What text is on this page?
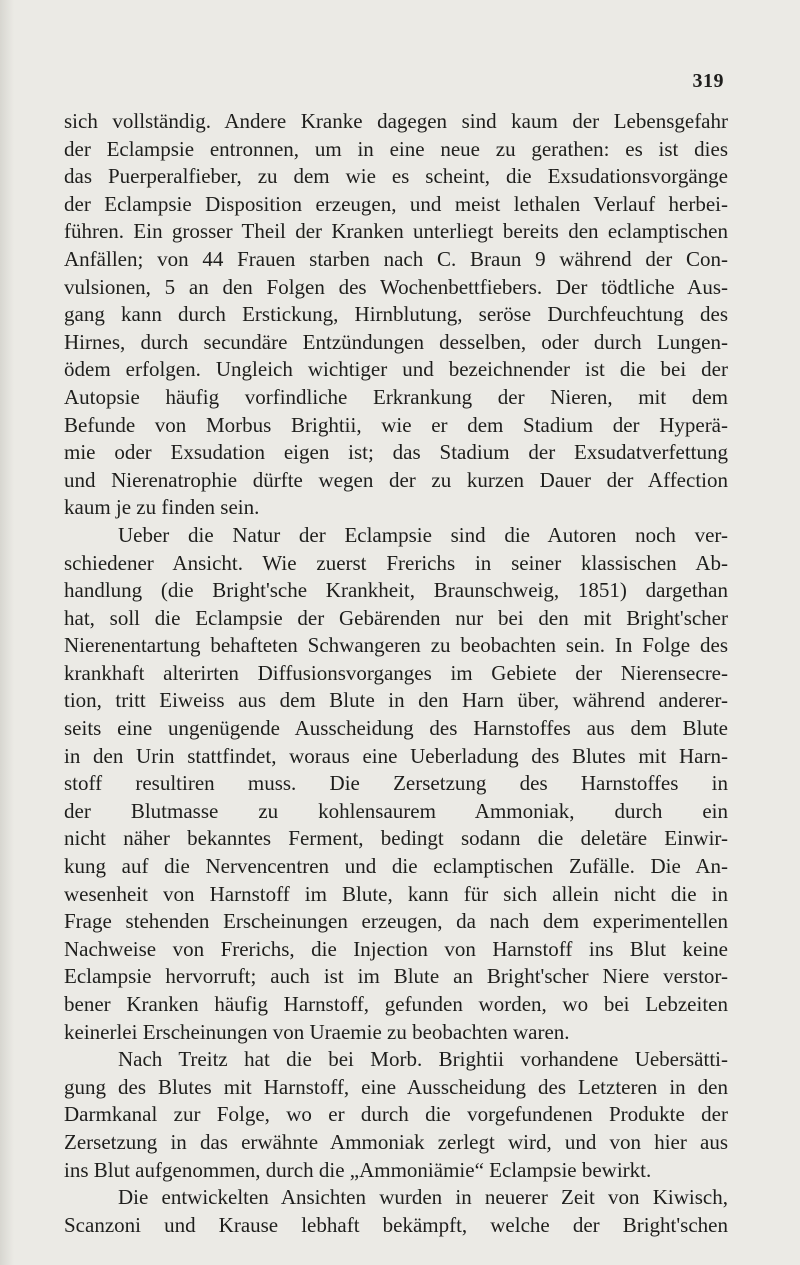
319
sich vollständig. Andere Kranke dagegen sind kaum der Lebensgefahr
der Eclampsie entronnen, um in eine neue zu gerathen: es ist dies
das Puerperalfieber, zu dem wie es scheint, die Exsudationsvorgänge
der Eclampsie Disposition erzeugen, und meist lethalen Verlauf herbei-
führen. Ein grosser Theil der Kranken unterliegt bereits den eclamptischen
Anfällen; von 44 Frauen starben nach C. Braun 9 während der Con-
vulsionen, 5 an den Folgen des Wochenbettfiebers. Der tödtliche Aus-
gang kann durch Erstickung, Hirnblutung, seröse Durchfeuchtung des
Hirnes, durch secundäre Entzündungen desselben, oder durch Lungen-
ödem erfolgen. Ungleich wichtiger und bezeichnender ist die bei der
Autopsie häufig vorfindliche Erkrankung der Nieren, mit dem
Befunde von Morbus Brightii, wie er dem Stadium der Hyperä-
mie oder Exsudation eigen ist; das Stadium der Exsudatverfettung
und Nierenatrophie dürfte wegen der zu kurzen Dauer der Affection
kaum je zu finden sein.
Ueber die Natur der Eclampsie sind die Autoren noch ver-
schiedener Ansicht. Wie zuerst Frerichs in seiner klassischen Ab-
handlung (die Bright'sche Krankheit, Braunschweig, 1851) dargethan
hat, soll die Eclampsie der Gebärenden nur bei den mit Bright'scher
Nierenentartung behafteten Schwangeren zu beobachten sein. In Folge des
krankhaft alterirten Diffusionsvorganges im Gebiete der Nierensecre-
tion, tritt Eiweiss aus dem Blute in den Harn über, während anderer-
seits eine ungenügende Ausscheidung des Harnstoffes aus dem Blute
in den Urin stattfindet, woraus eine Ueberladung des Blutes mit Harn-
stoff resultiren muss. Die Zersetzung des Harnstoffes in
der Blutmasse zu kohlensaurem Ammoniak, durch ein
nicht näher bekanntes Ferment, bedingt sodann die deletäre Einwir-
kung auf die Nervencentren und die eclamptischen Zufälle. Die An-
wesenheit von Harnstoff im Blute, kann für sich allein nicht die in
Frage stehenden Erscheinungen erzeugen, da nach dem experimentellen
Nachweise von Frerichs, die Injection von Harnstoff ins Blut keine
Eclampsie hervorruft; auch ist im Blute an Bright'scher Niere verstor-
bener Kranken häufig Harnstoff, gefunden worden, wo bei Lebzeiten
keinerlei Erscheinungen von Uraemie zu beobachten waren.
Nach Treitz hat die bei Morb. Brightii vorhandene Uebersätti-
gung des Blutes mit Harnstoff, eine Ausscheidung des Letzteren in den
Darmkanal zur Folge, wo er durch die vorgefundenen Produkte der
Zersetzung in das erwähnte Ammoniak zerlegt wird, und von hier aus
ins Blut aufgenommen, durch die „Ammoniämie“ Eclampsie bewirkt.
Die entwickelten Ansichten wurden in neuerer Zeit von Kiwisch,
Scanzoni und Krause lebhaft bekämpft, welche der Bright'schen
